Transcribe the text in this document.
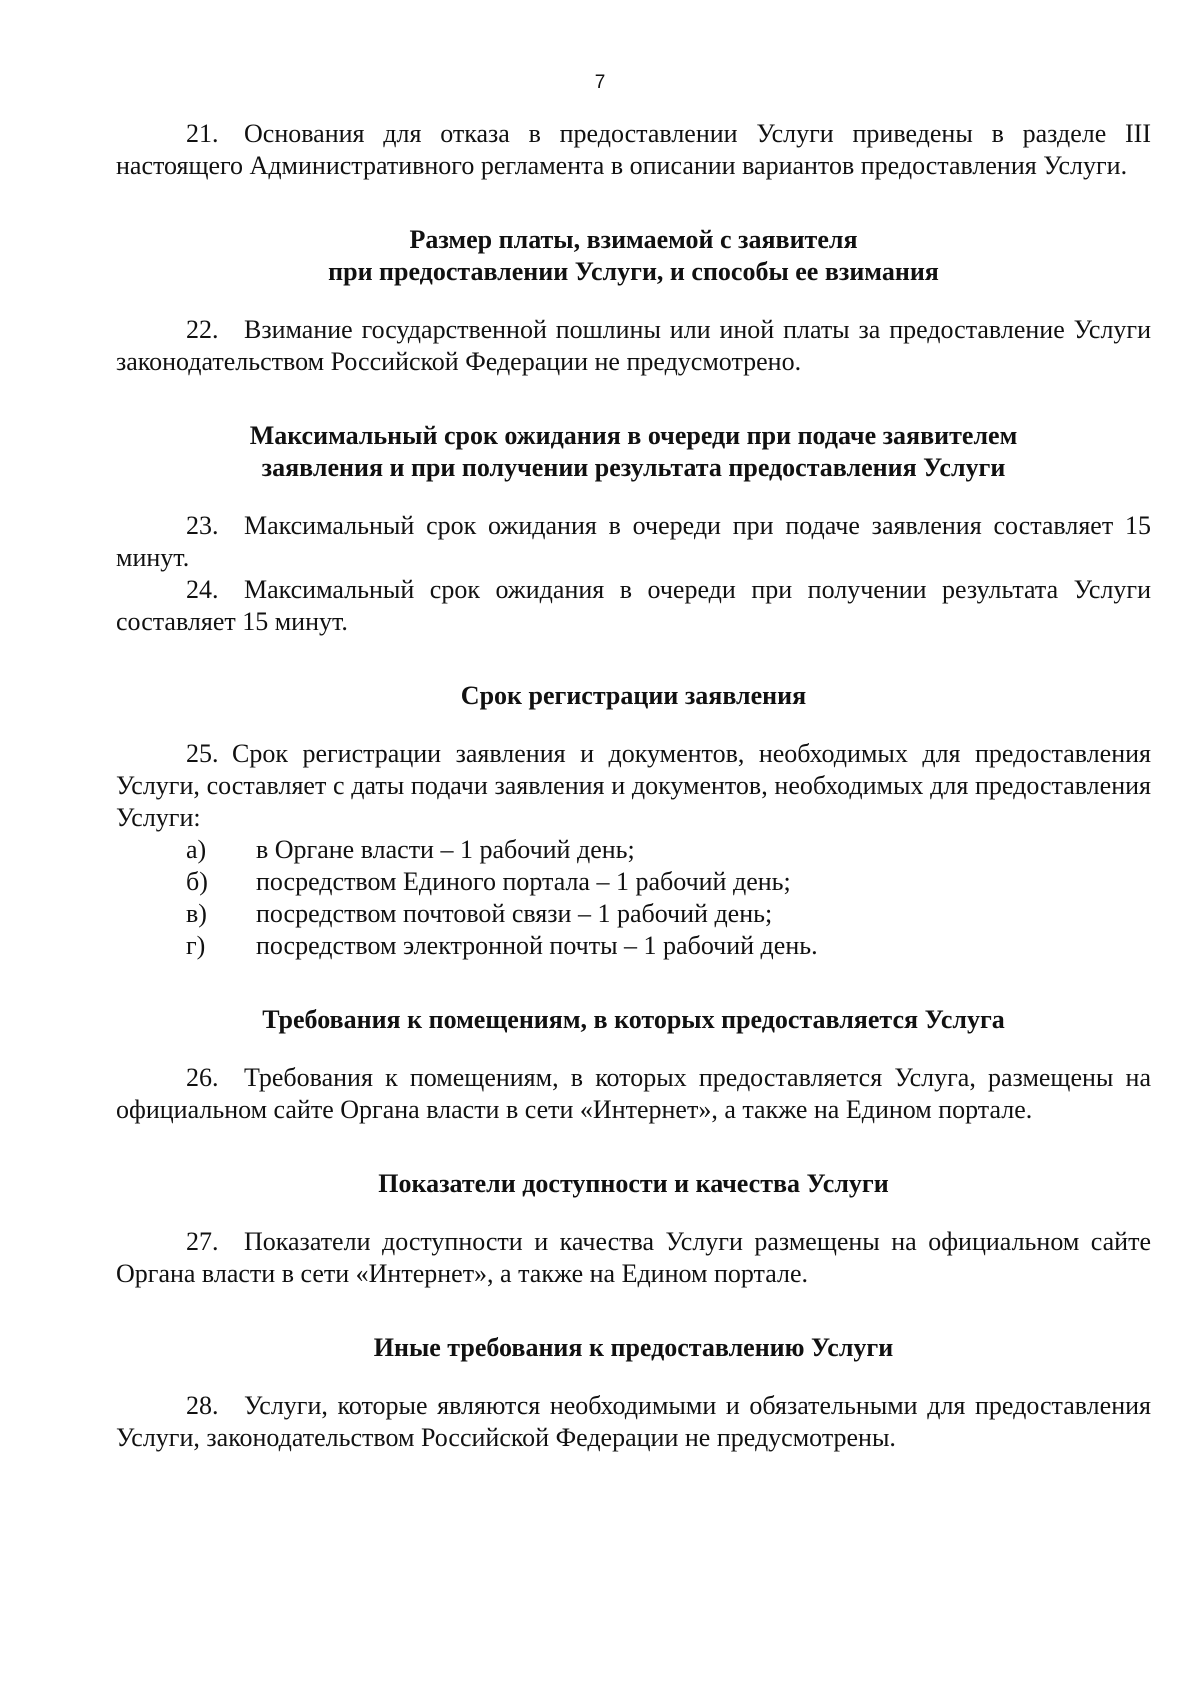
7

21. Основания для отказа в предоставлении Услуги приведены в разделе III настоящего Административного регламента в описании вариантов предоставления Услуги.

Размер платы, взимаемой с заявителя
при предоставлении Услуги, и способы ее взимания

22. Взимание государственной пошлины или иной платы за предоставление Услуги законодательством Российской Федерации не предусмотрено.

Максимальный срок ожидания в очереди при подаче заявителем
заявления и при получении результата предоставления Услуги

23. Максимальный срок ожидания в очереди при подаче заявления составляет 15 минут.

24. Максимальный срок ожидания в очереди при получении результата Услуги составляет 15 минут.

Срок регистрации заявления

25. Срок регистрации заявления и документов, необходимых для предоставления Услуги, составляет с даты подачи заявления и документов, необходимых для предоставления Услуги:

а) в Органе власти – 1 рабочий день;
б) посредством Единого портала – 1 рабочий день;
в) посредством почтовой связи – 1 рабочий день;
г) посредством электронной почты – 1 рабочий день.
Требования к помещениям, в которых предоставляется Услуга

26. Требования к помещениям, в которых предоставляется Услуга, размещены на официальном сайте Органа власти в сети «Интернет», а также на Едином портале.

Показатели доступности и качества Услуги

27. Показатели доступности и качества Услуги размещены на официальном сайте Органа власти в сети «Интернет», а также на Едином портале.

Иные требования к предоставлению Услуги

28. Услуги, которые являются необходимыми и обязательными для предоставления Услуги, законодательством Российской Федерации не предусмотрены.
